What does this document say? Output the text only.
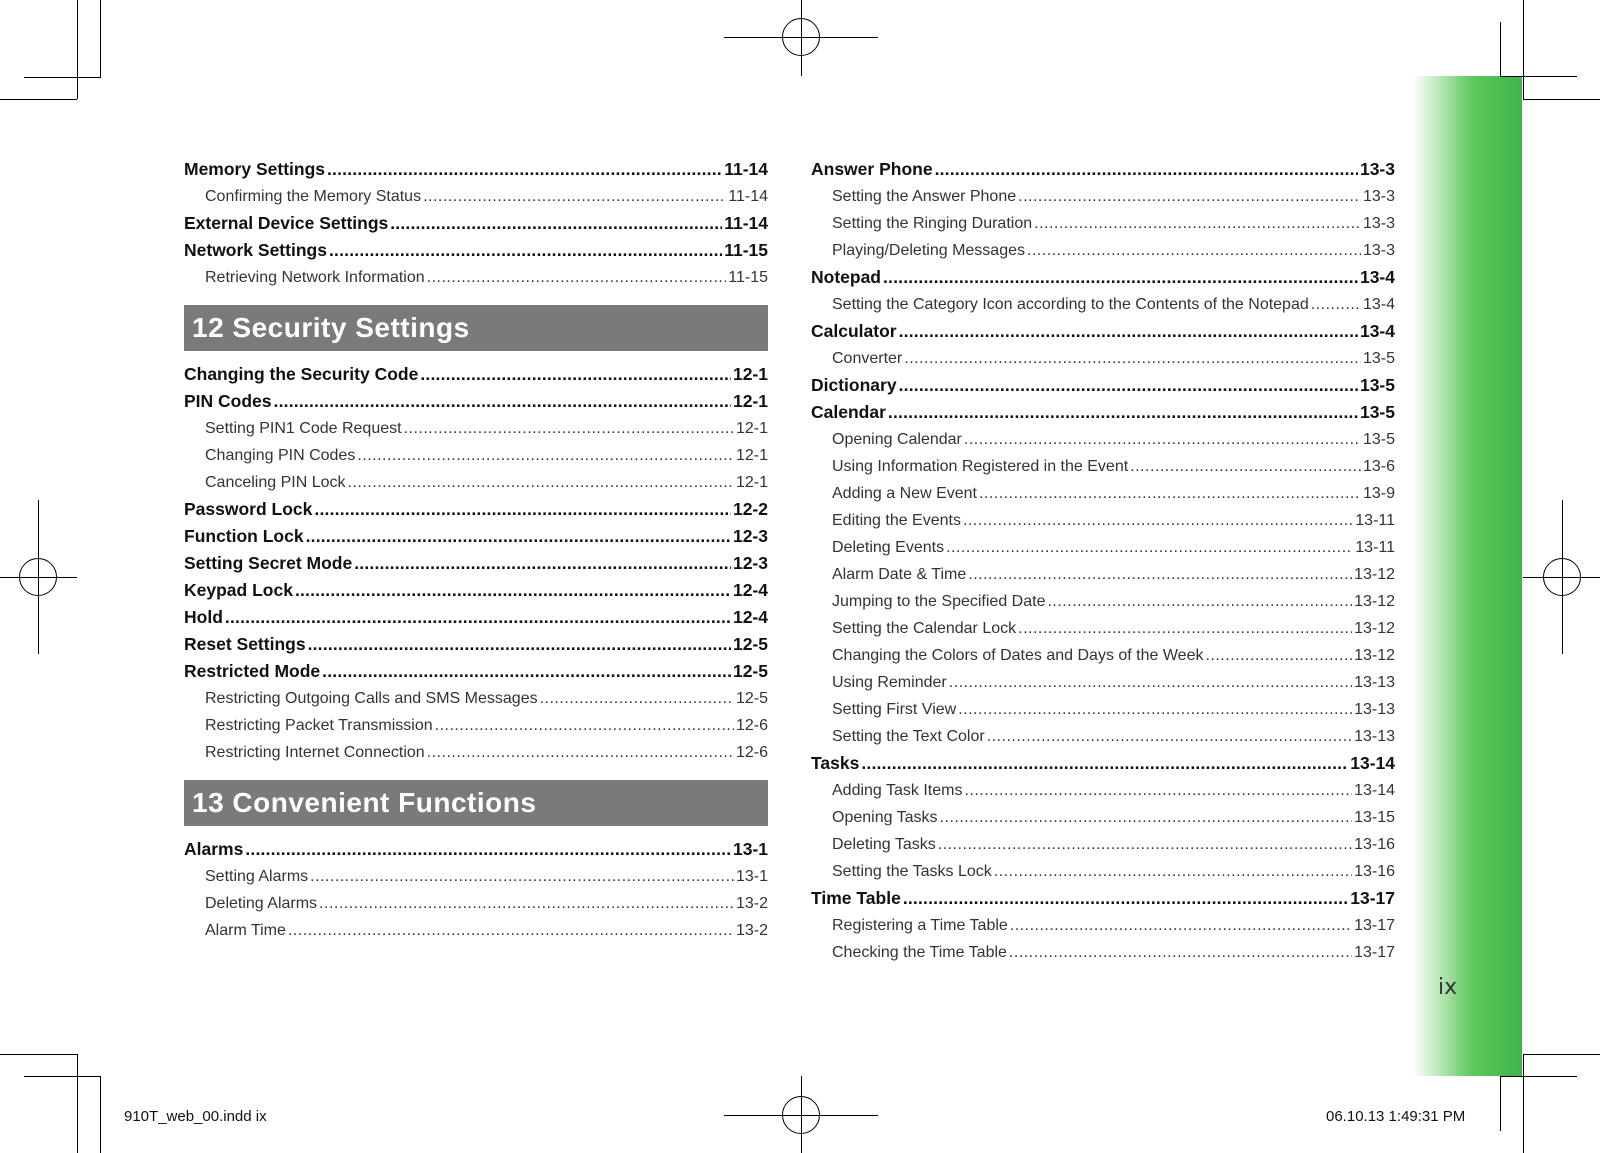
ix
Memory Settings .....	11-14
Confirming the Memory Status .....	11-14
External Device Settings .....	11-14
Network Settings .....	11-15
Retrieving Network Information .....	11-15
12 Security Settings
Changing the Security Code .....	12-1
PIN Codes .....	12-1
Setting PIN1 Code Request .....	12-1
Changing PIN Codes .....	12-1
Canceling PIN Lock .....	12-1
Password Lock .....	12-2
Function Lock .....	12-3
Setting Secret Mode .....	12-3
Keypad Lock .....	12-4
Hold .....	12-4
Reset Settings .....	12-5
Restricted Mode .....	12-5
Restricting Outgoing Calls and SMS Messages .....	12-5
Restricting Packet Transmission .....	12-6
Restricting Internet Connection .....	12-6
13 Convenient Functions
Alarms .....	13-1
Setting Alarms .....	13-1
Deleting Alarms .....	13-2
Alarm Time .....	13-2
Answer Phone .....	13-3
Setting the Answer Phone .....	13-3
Setting the Ringing Duration .....	13-3
Playing/Deleting Messages .....	13-3
Notepad .....	13-4
Setting the Category Icon according to the Contents of the Notepad .....	13-4
Calculator .....	13-4
Converter .....	13-5
Dictionary .....	13-5
Calendar .....	13-5
Opening Calendar .....	13-5
Using Information Registered in the Event .....	13-6
Adding a New Event .....	13-9
Editing the Events .....	13-11
Deleting Events .....	13-11
Alarm Date & Time .....	13-12
Jumping to the Specified Date .....	13-12
Setting the Calendar Lock .....	13-12
Changing the Colors of Dates and Days of the Week .....	13-12
Using Reminder .....	13-13
Setting First View .....	13-13
Setting the Text Color .....	13-13
Tasks .....	13-14
Adding Task Items .....	13-14
Opening Tasks .....	13-15
Deleting Tasks .....	13-16
Setting the Tasks Lock .....	13-16
Time Table .....	13-17
Registering a Time Table .....	13-17
Checking the Time Table .....	13-17
910T_web_00.indd ix	06.10.13 1:49:31 PM
